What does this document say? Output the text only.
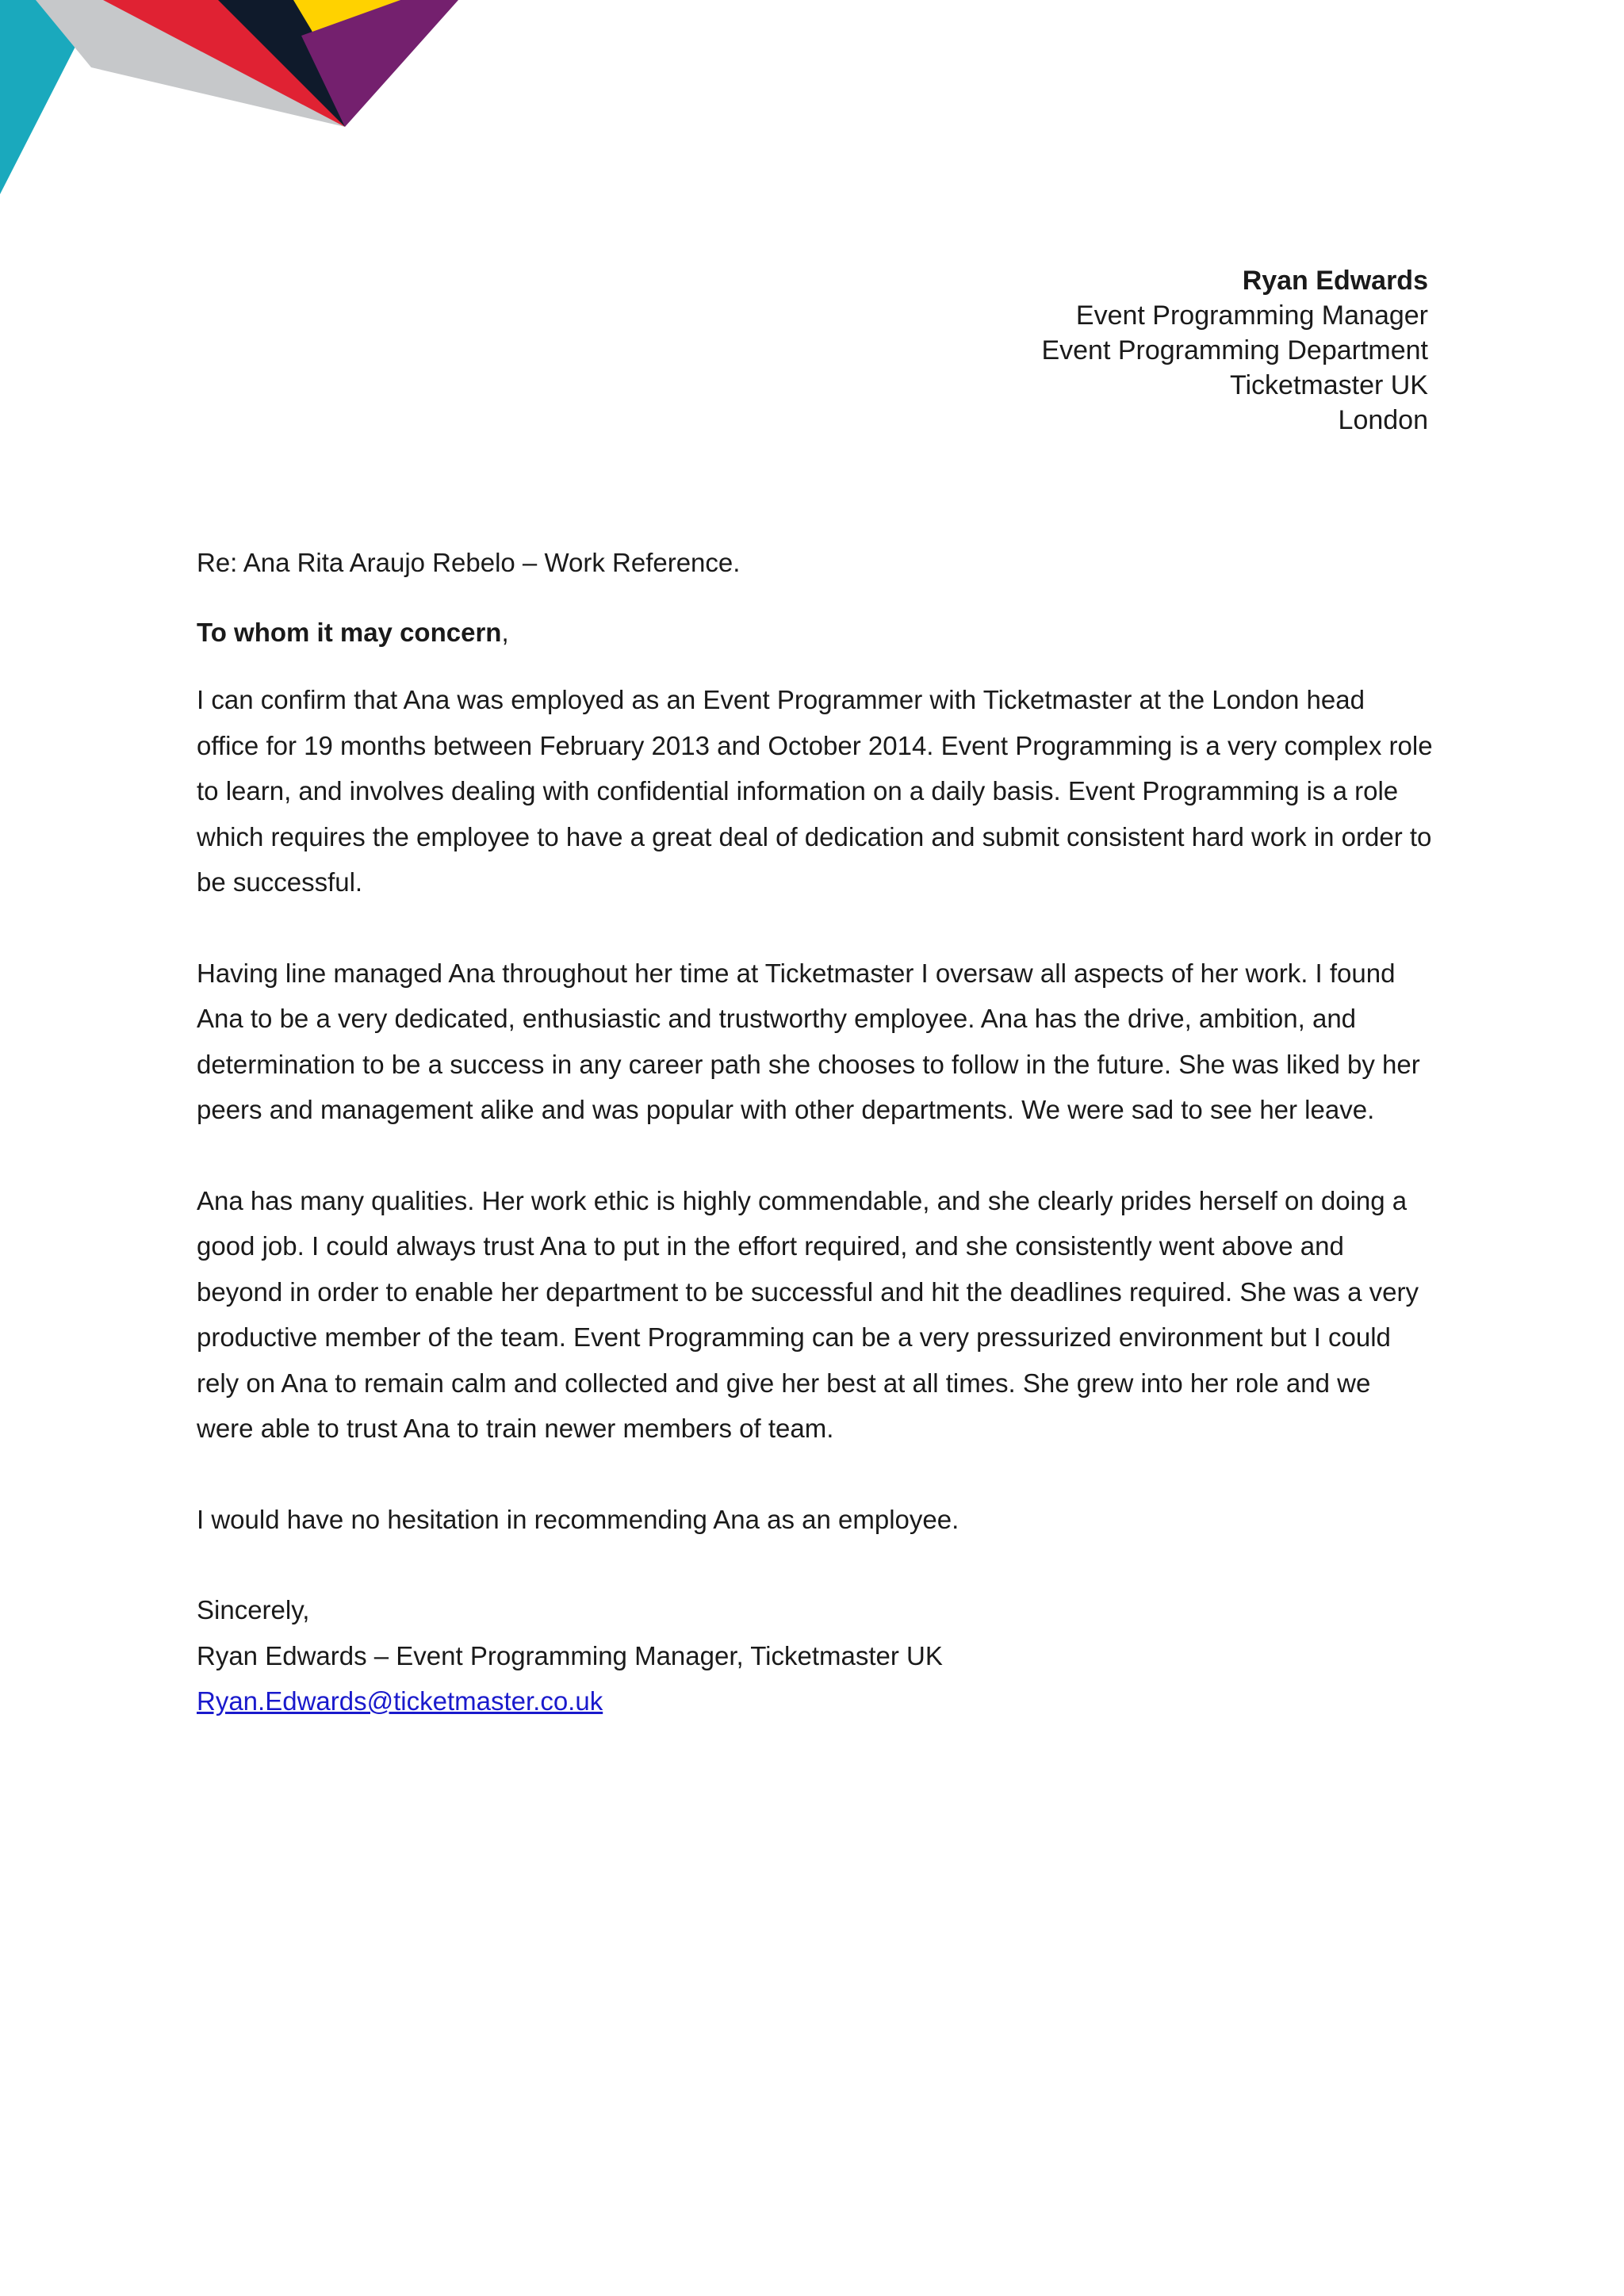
Ryan Edwards
Event Programming Manager
Event Programming Department
Ticketmaster UK
London

Re: Ana Rita Araujo Rebelo – Work Reference.

To whom it may concern,

I can confirm that Ana was employed as an Event Programmer with Ticketmaster at the London head office for 19 months between February 2013 and October 2014. Event Programming is a very complex role to learn, and involves dealing with confidential information on a daily basis. Event Programming is a role which requires the employee to have a great deal of dedication and submit consistent hard work in order to be successful.

Having line managed Ana throughout her time at Ticketmaster I oversaw all aspects of her work. I found Ana to be a very dedicated, enthusiastic and trustworthy employee. Ana has the drive, ambition, and determination to be a success in any career path she chooses to follow in the future. She was liked by her peers and management alike and was popular with other departments. We were sad to see her leave.

Ana has many qualities. Her work ethic is highly commendable, and she clearly prides herself on doing a good job. I could always trust Ana to put in the effort required, and she consistently went above and beyond in order to enable her department to be successful and hit the deadlines required. She was a very productive member of the team. Event Programming can be a very pressurized environment but I could rely on Ana to remain calm and collected and give her best at all times. She grew into her role and we were able to trust Ana to train newer members of team.

I would have no hesitation in recommending Ana as an employee.

Sincerely,
Ryan Edwards – Event Programming Manager, Ticketmaster UK
Ryan.Edwards@ticketmaster.co.uk
